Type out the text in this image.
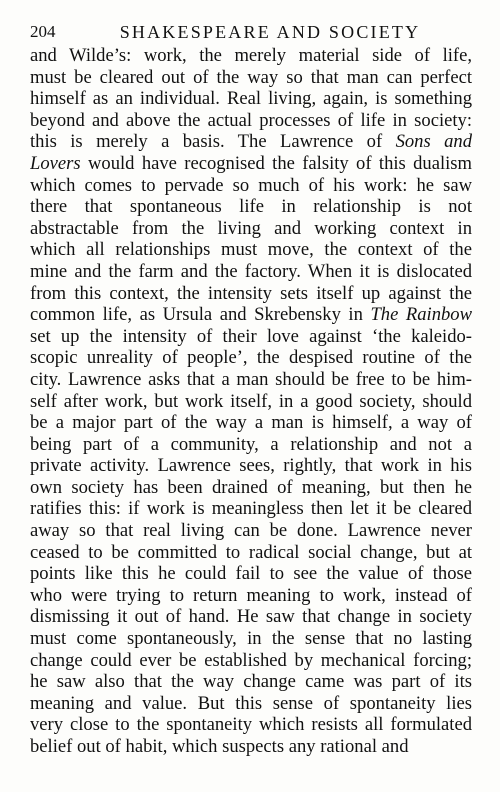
204	SHAKESPEARE AND SOCIETY
and Wilde’s: work, the merely material side of life,
must be cleared out of the way so that man can perfect
himself as an individual. Real living, again, is something
beyond and above the actual processes of life in society:
this is merely a basis. The Lawrence of Sons and
Lovers would have recognised the falsity of this dualism
which comes to pervade so much of his work: he saw
there that spontaneous life in relationship is not
abstractable from the living and working context in
which all relationships must move, the context of the
mine and the farm and the factory. When it is dislocated
from this context, the intensity sets itself up against the
common life, as Ursula and Skrebensky in The Rainbow
set up the intensity of their love against ‘the kaleido-
scopic unreality of people’, the despised routine of the
city. Lawrence asks that a man should be free to be him-
self after work, but work itself, in a good society, should
be a major part of the way a man is himself, a way of
being part of a community, a relationship and not a
private activity. Lawrence sees, rightly, that work in his
own society has been drained of meaning, but then he
ratifies this: if work is meaningless then let it be cleared
away so that real living can be done. Lawrence never
ceased to be committed to radical social change, but at
points like this he could fail to see the value of those
who were trying to return meaning to work, instead of
dismissing it out of hand. He saw that change in society
must come spontaneously, in the sense that no lasting
change could ever be established by mechanical forcing;
he saw also that the way change came was part of its
meaning and value. But this sense of spontaneity lies
very close to the spontaneity which resists all formulated
belief out of habit, which suspects any rational and
